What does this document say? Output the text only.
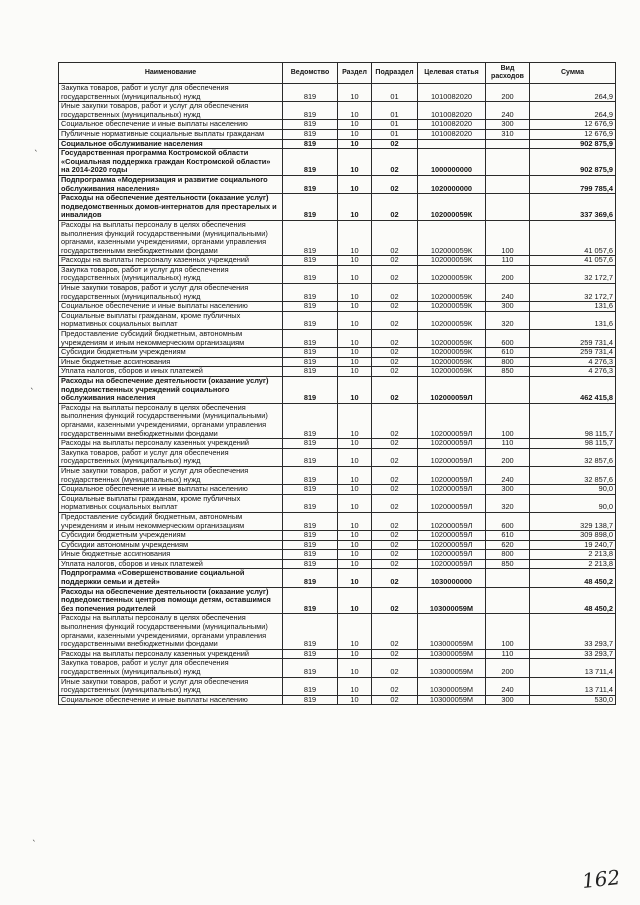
`
`
`
Наименование	Ведомство	Раздел	Подраздел	Целевая статья	Вид расходов	Сумма
Закупка товаров, работ и услуг для обеспечения государственных (муниципальных) нужд	819	10	01	1010082020	200	264,9
Иные закупки товаров, работ и услуг для обеспечения государственных (муниципальных) нужд	819	10	01	1010082020	240	264,9
Социальное обеспечение и иные выплаты населению	819	10	01	1010082020	300	12 676,9
Публичные нормативные социальные выплаты гражданам	819	10	01	1010082020	310	12 676,9
Социальное обслуживание населения	819	10	02			902 875,9
Государственная программа Костромской области «Социальная поддержка граждан Костромской области» на 2014-2020 годы	819	10	02	1000000000		902 875,9
Подпрограмма «Модернизация и развитие социального обслуживания населения»	819	10	02	1020000000		799 785,4
Расходы на обеспечение деятельности (оказание услуг) подведомственных домов-интернатов для престарелых и инвалидов	819	10	02	102000059К		337 369,6
Расходы на выплаты персоналу в целях обеспечения выполнения функций государственными (муниципальными) органами, казенными учреждениями, органами управления государственными внебюджетными фондами	819	10	02	102000059К	100	41 057,6
Расходы на выплаты персоналу казенных учреждений	819	10	02	102000059К	110	41 057,6
Закупка товаров, работ и услуг для обеспечения государственных (муниципальных) нужд	819	10	02	102000059К	200	32 172,7
Иные закупки товаров, работ и услуг для обеспечения государственных (муниципальных) нужд	819	10	02	102000059К	240	32 172,7
Социальное обеспечение и иные выплаты населению	819	10	02	102000059К	300	131,6
Социальные выплаты гражданам, кроме публичных нормативных социальных выплат	819	10	02	102000059К	320	131,6
Предоставление субсидий бюджетным, автономным учреждениям и иным некоммерческим организациям	819	10	02	102000059К	600	259 731,4
Субсидии бюджетным учреждениям	819	10	02	102000059К	610	259 731,4
Иные бюджетные ассигнования	819	10	02	102000059К	800	4 276,3
Уплата налогов, сборов и иных платежей	819	10	02	102000059К	850	4 276,3
Расходы на обеспечение деятельности (оказание услуг) подведомственных учреждений социального обслуживания населения	819	10	02	102000059Л		462 415,8
Расходы на выплаты персоналу в целях обеспечения выполнения функций государственными (муниципальными) органами, казенными учреждениями, органами управления государственными внебюджетными фондами	819	10	02	102000059Л	100	98 115,7
Расходы на выплаты персоналу казенных учреждений	819	10	02	102000059Л	110	98 115,7
Закупка товаров, работ и услуг для обеспечения государственных (муниципальных) нужд	819	10	02	102000059Л	200	32 857,6
Иные закупки товаров, работ и услуг для обеспечения государственных (муниципальных) нужд	819	10	02	102000059Л	240	32 857,6
Социальное обеспечение и иные выплаты населению	819	10	02	102000059Л	300	90,0
Социальные выплаты гражданам, кроме публичных нормативных социальных выплат	819	10	02	102000059Л	320	90,0
Предоставление субсидий бюджетным, автономным учреждениям и иным некоммерческим организациям	819	10	02	102000059Л	600	329 138,7
Субсидии бюджетным учреждениям	819	10	02	102000059Л	610	309 898,0
Субсидии автономным учреждениям	819	10	02	102000059Л	620	19 240,7
Иные бюджетные ассигнования	819	10	02	102000059Л	800	2 213,8
Уплата налогов, сборов и иных платежей	819	10	02	102000059Л	850	2 213,8
Подпрограмма «Совершенствование социальной поддержки семьи и детей»	819	10	02	1030000000		48 450,2
Расходы на обеспечение деятельности (оказание услуг) подведомственных центров помощи детям, оставшимся без попечения родителей	819	10	02	103000059М		48 450,2
Расходы на выплаты персоналу в целях обеспечения выполнения функций государственными (муниципальными) органами, казенными учреждениями, органами управления государственными внебюджетными фондами	819	10	02	103000059М	100	33 293,7
Расходы на выплаты персоналу казенных учреждений	819	10	02	103000059М	110	33 293,7
Закупка товаров, работ и услуг для обеспечения государственных (муниципальных) нужд	819	10	02	103000059М	200	13 711,4
Иные закупки товаров, работ и услуг для обеспечения государственных (муниципальных) нужд	819	10	02	103000059М	240	13 711,4
Социальное обеспечение и иные выплаты населению	819	10	02	103000059М	300	530,0
162
